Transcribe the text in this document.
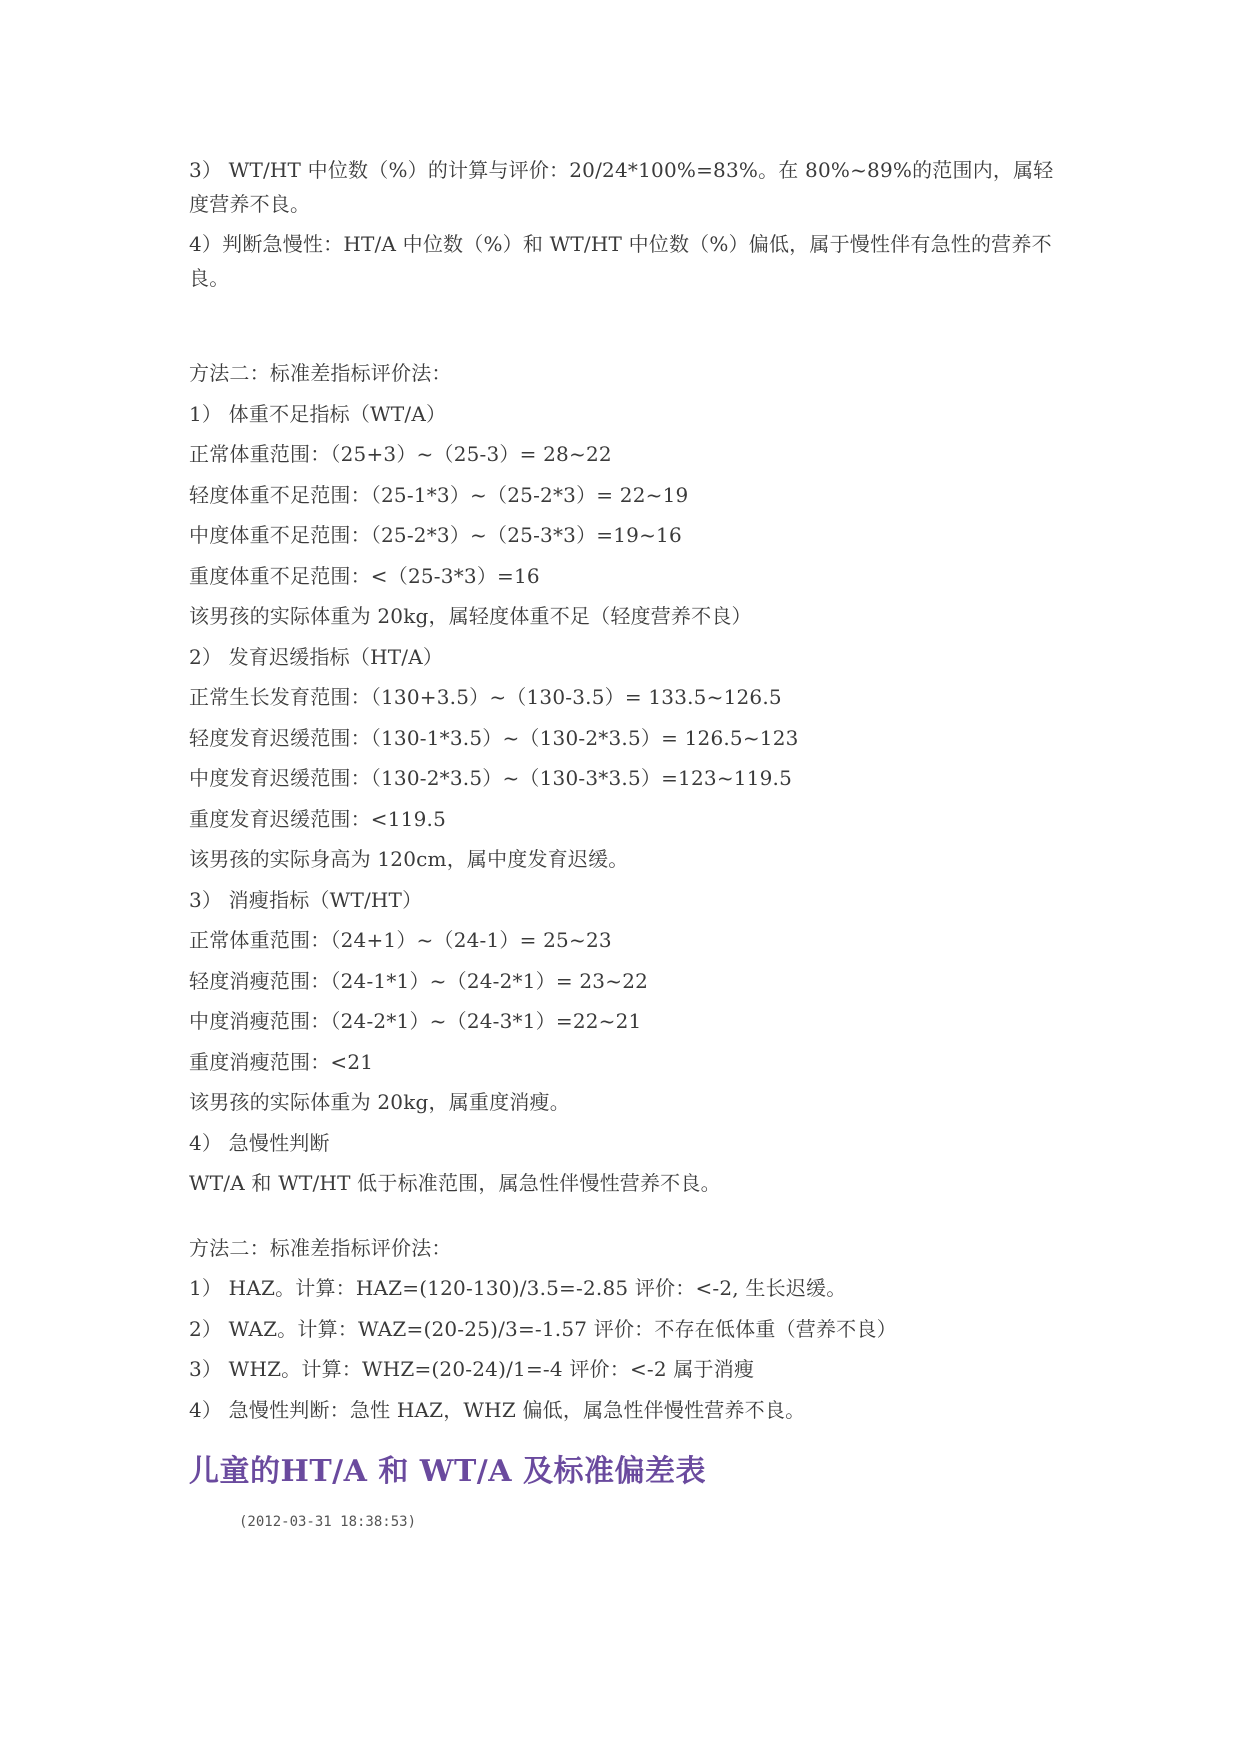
3） WT/HT 中位数（%）的计算与评价：20/24*100%=83%。在 80%~89%的范围内，属轻度营养不良。

4）判断急慢性：HT/A 中位数（%）和 WT/HT 中位数（%）偏低，属于慢性伴有急性的营养不良。

方法二：标准差指标评价法：

1） 体重不足指标（WT/A）

正常体重范围：（25+3）~（25-3）= 28~22

轻度体重不足范围：（25-1*3）~（25-2*3）= 22~19

中度体重不足范围：（25-2*3）~（25-3*3）=19~16

重度体重不足范围：<（25-3*3）=16

该男孩的实际体重为 20kg，属轻度体重不足（轻度营养不良）

2） 发育迟缓指标（HT/A）

正常生长发育范围：（130+3.5）~（130-3.5）= 133.5~126.5

轻度发育迟缓范围：（130-1*3.5）~（130-2*3.5）= 126.5~123

中度发育迟缓范围：（130-2*3.5）~（130-3*3.5）=123~119.5

重度发育迟缓范围：<119.5

该男孩的实际身高为 120cm，属中度发育迟缓。

3） 消瘦指标（WT/HT）

正常体重范围：（24+1）~（24-1）= 25~23

轻度消瘦范围：（24-1*1）~（24-2*1）= 23~22

中度消瘦范围：（24-2*1）~（24-3*1）=22~21

重度消瘦范围：<21

该男孩的实际体重为 20kg，属重度消瘦。

4） 急慢性判断

WT/A 和 WT/HT 低于标准范围，属急性伴慢性营养不良。

方法二：标准差指标评价法：

1） HAZ。计算：HAZ=(120-130)/3.5=-2.85 评价：<-2, 生长迟缓。

2） WAZ。计算：WAZ=(20-25)/3=-1.57 评价：不存在低体重（营养不良）

3） WHZ。计算：WHZ=(20-24)/1=-4 评价：<-2 属于消瘦

4） 急慢性判断：急性 HAZ，WHZ 偏低，属急性伴慢性营养不良。

儿童的HT/A 和 WT/A 及标准偏差表
(2012-03-31 18:38:53)
